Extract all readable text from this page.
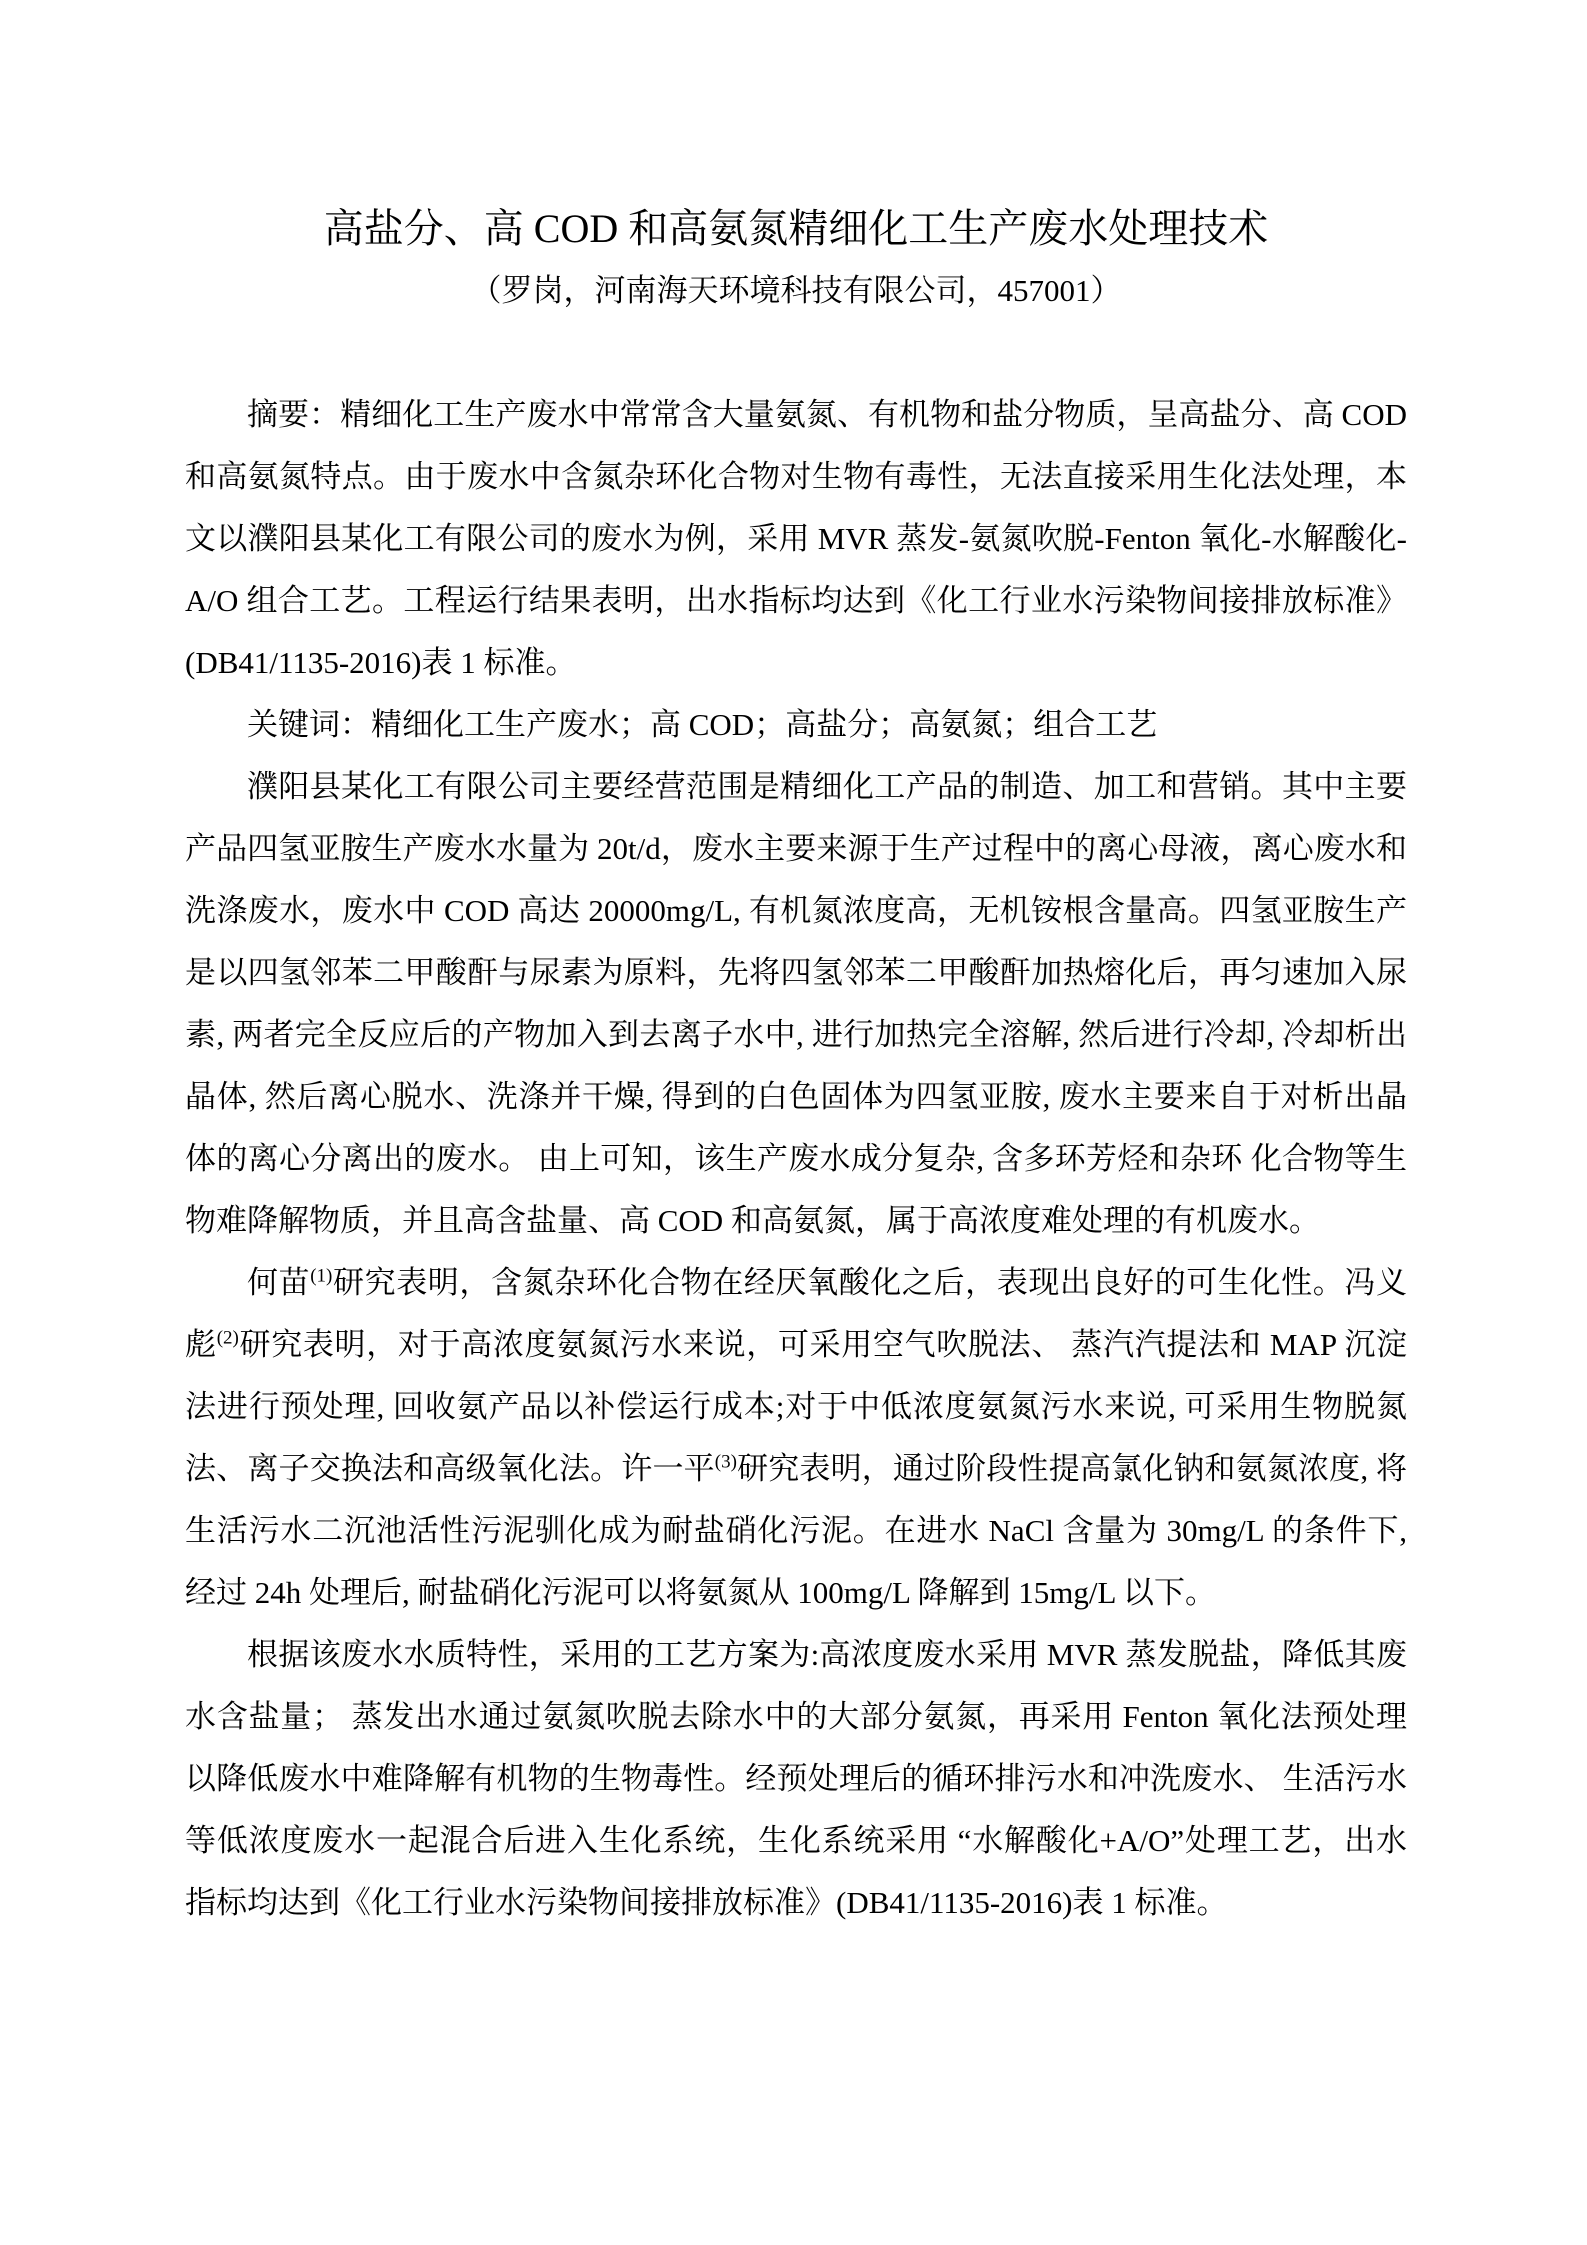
高盐分、高 COD 和高氨氮精细化工生产废水处理技术

（罗岗，河南海天环境科技有限公司，457001）

摘要：精细化工生产废水中常常含大量氨氮、有机物和盐分物质，呈高盐分、高 COD 和高氨氮特点。由于废水中含氮杂环化合物对生物有毒性，无法直接采用生化法处理，本文以濮阳县某化工有限公司的废水为例，采用 MVR 蒸发-氨氮吹脱-Fenton 氧化-水解酸化-A/O 组合工艺。工程运行结果表明，出水指标均达到《化工行业水污染物间接排放标准》(DB41/1135-2016)表 1 标准。

关键词：精细化工生产废水；高 COD；高盐分；高氨氮；组合工艺

濮阳县某化工有限公司主要经营范围是精细化工产品的制造、加工和营销。其中主要产品四氢亚胺生产废水水量为 20t/d，废水主要来源于生产过程中的离心母液，离心废水和洗涤废水，废水中 COD 高达 20000mg/L, 有机氮浓度高，无机铵根含量高。四氢亚胺生产是以四氢邻苯二甲酸酐与尿素为原料，先将四氢邻苯二甲酸酐加热熔化后，再匀速加入尿素, 两者完全反应后的产物加入到去离子水中, 进行加热完全溶解, 然后进行冷却, 冷却析出晶体, 然后离心脱水、洗涤并干燥, 得到的白色固体为四氢亚胺, 废水主要来自于对析出晶体的离心分离出的废水。 由上可知，该生产废水成分复杂, 含多环芳烃和杂环 化合物等生物难降解物质，并且高含盐量、高 COD 和高氨氮，属于高浓度难处理的有机废水。

何苗$^{(1)}$研究表明，含氮杂环化合物在经厌氧酸化之后，表现出良好的可生化性。冯义彪$^{(2)}$研究表明，对于高浓度氨氮污水来说，可采用空气吹脱法、 蒸汽汽提法和 MAP 沉淀法进行预处理, 回收氨产品以补偿运行成本;对于中低浓度氨氮污水来说, 可采用生物脱氮法、离子交换法和高级氧化法。许一平$^{(3)}$研究表明，通过阶段性提高氯化钠和氨氮浓度, 将生活污水二沉池活性污泥驯化成为耐盐硝化污泥。在进水 NaCl 含量为 30mg/L 的条件下, 经过 24h 处理后, 耐盐硝化污泥可以将氨氮从 100mg/L 降解到 15mg/L 以下。

根据该废水水质特性，采用的工艺方案为:高浓度废水采用 MVR 蒸发脱盐，降低其废水含盐量； 蒸发出水通过氨氮吹脱去除水中的大部分氨氮，再采用 Fenton 氧化法预处理以降低废水中难降解有机物的生物毒性。经预处理后的循环排污水和冲洗废水、 生活污水等低浓度废水一起混合后进入生化系统，生化系统采用 “水解酸化+A/O”处理工艺，出水指标均达到《化工行业水污染物间接排放标准》(DB41/1135-2016)表 1 标准。
